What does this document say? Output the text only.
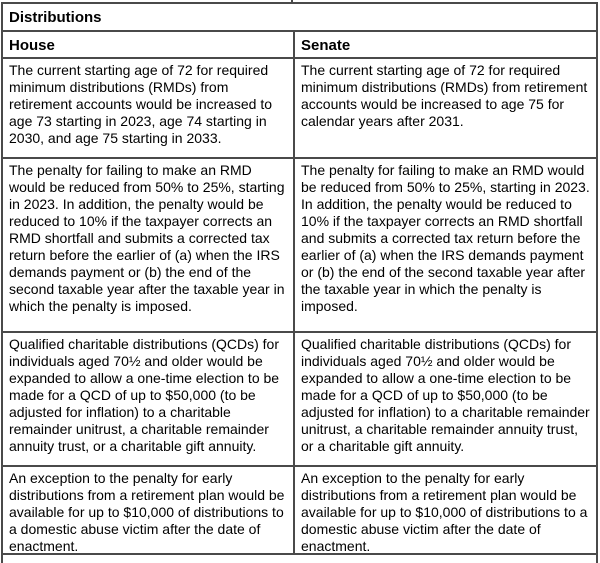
Distributions
House	Senate
The current starting age of 72 for required minimum distributions (RMDs) from retirement accounts would be increased to age 73 starting in 2023, age 74 starting in 2030, and age 75 starting in 2033.
The current starting age of 72 for required minimum distributions (RMDs) from retirement accounts would be increased to age 75 for calendar years after 2031.
The penalty for failing to make an RMD would be reduced from 50% to 25%, starting in 2023. In addition, the penalty would be reduced to 10% if the taxpayer corrects an RMD shortfall and submits a corrected tax return before the earlier of (a) when the IRS demands payment or (b) the end of the second taxable year after the taxable year in which the penalty is imposed.
The penalty for failing to make an RMD would be reduced from 50% to 25%, starting in 2023. In addition, the penalty would be reduced to 10% if the taxpayer corrects an RMD shortfall and submits a corrected tax return before the earlier of (a) when the IRS demands payment or (b) the end of the second taxable year after the taxable year in which the penalty is imposed.
Qualified charitable distributions (QCDs) for individuals aged 70½ and older would be expanded to allow a one-time election to be made for a QCD of up to $50,000 (to be adjusted for inflation) to a charitable remainder unitrust, a charitable remainder annuity trust, or a charitable gift annuity.
Qualified charitable distributions (QCDs) for individuals aged 70½ and older would be expanded to allow a one-time election to be made for a QCD of up to $50,000 (to be adjusted for inflation) to a charitable remainder unitrust, a charitable remainder annuity trust, or a charitable gift annuity.
An exception to the penalty for early distributions from a retirement plan would be available for up to $10,000 of distributions to a domestic abuse victim after the date of enactment.
An exception to the penalty for early distributions from a retirement plan would be available for up to $10,000 of distributions to a domestic abuse victim after the date of enactment.
